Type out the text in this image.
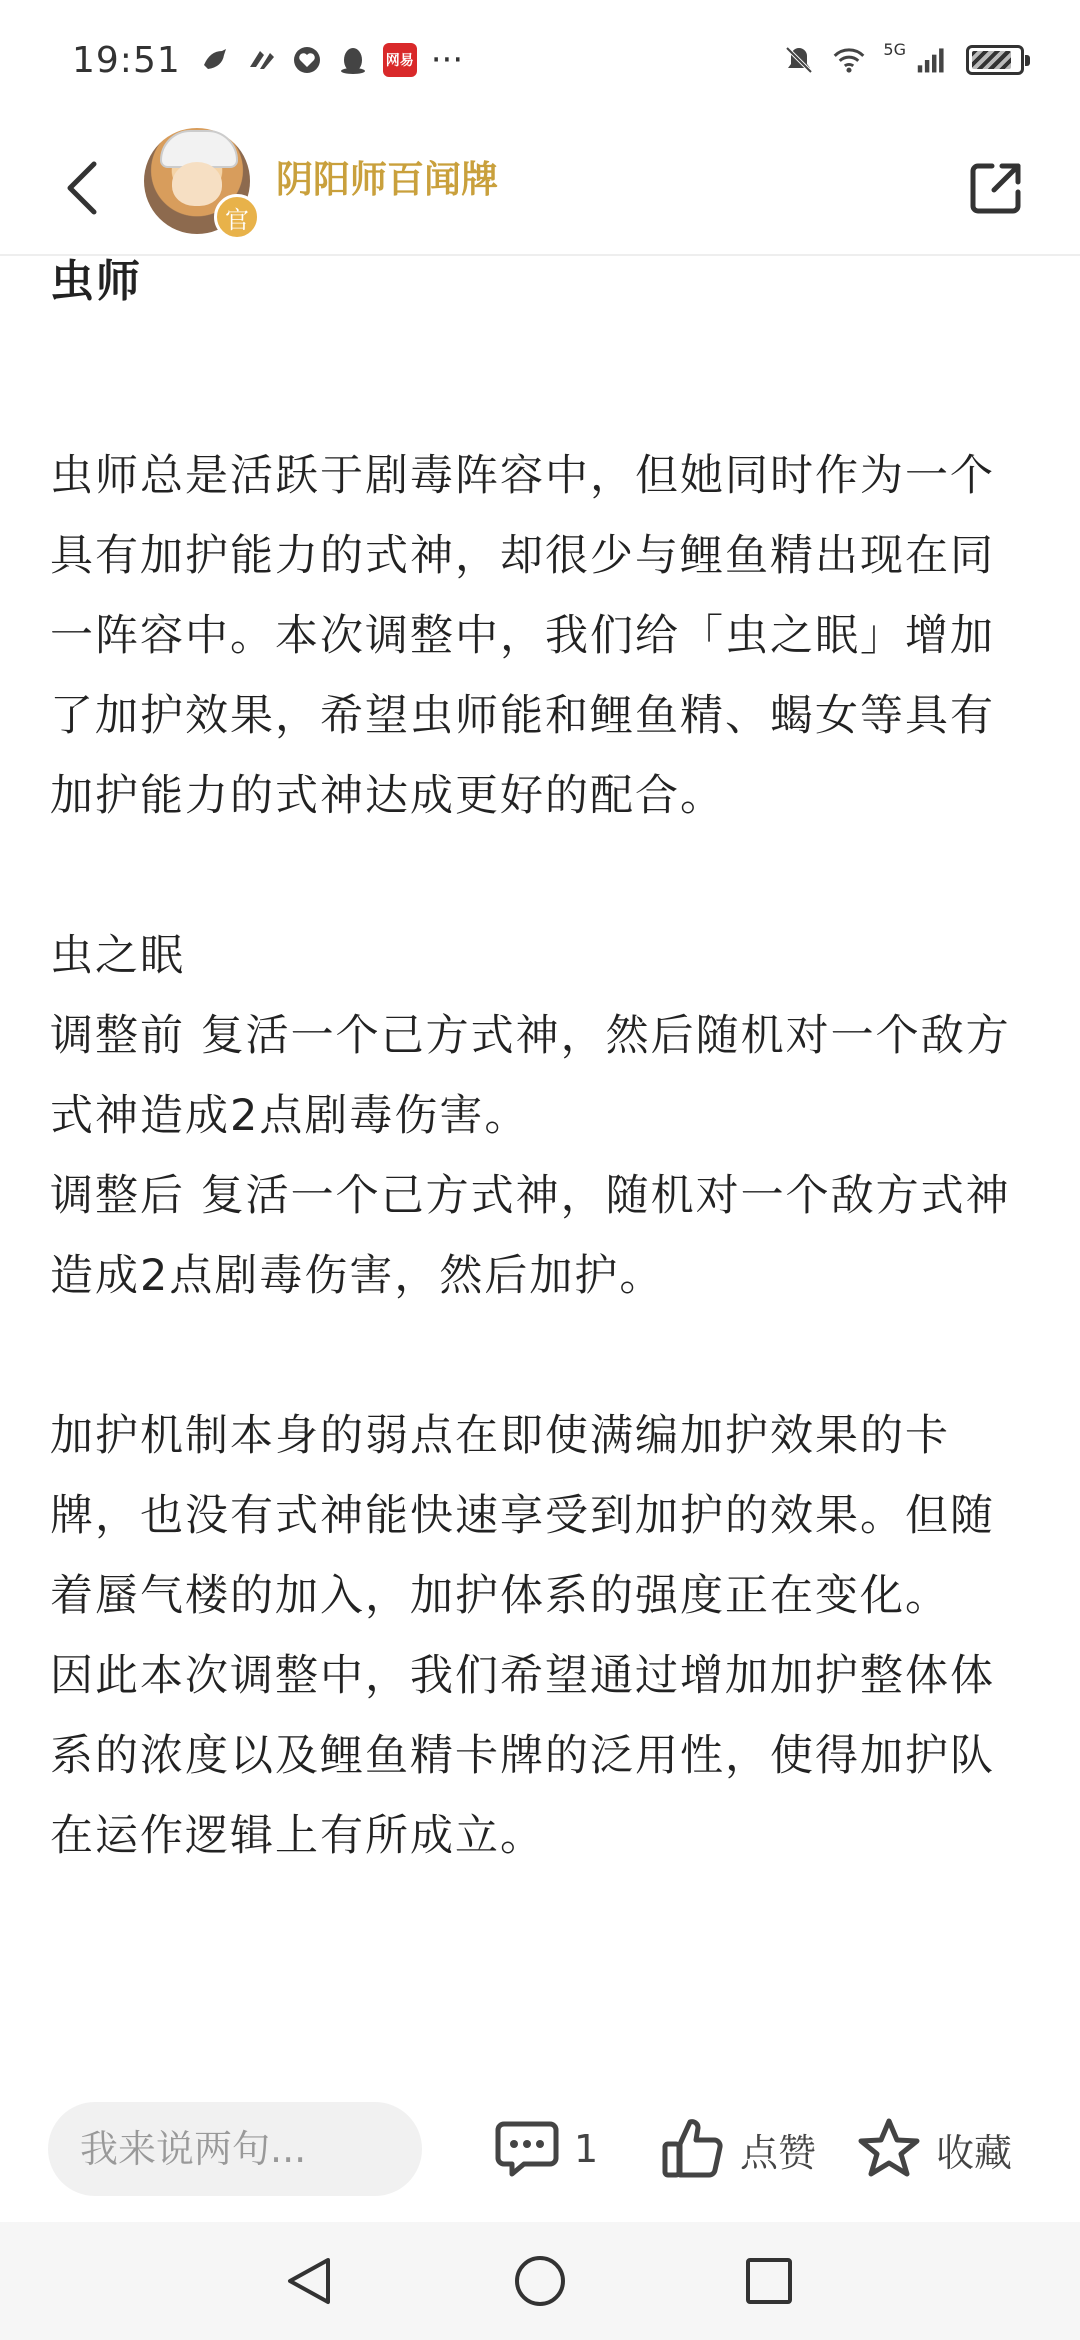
19:51	网易 ···	5G
官
阴阳师百闻牌
虫师

虫师总是活跃于剧毒阵容中，但她同时作为一个具有加护能力的式神，却很少与鲤鱼精出现在同一阵容中。本次调整中，我们给「虫之眠」增加了加护效果，希望虫师能和鲤鱼精、蝎女等具有加护能力的式神达成更好的配合。

虫之眠

调整前 复活一个己方式神，然后随机对一个敌方式神造成2点剧毒伤害。

调整后 复活一个己方式神，随机对一个敌方式神造成2点剧毒伤害，然后加护。

加护机制本身的弱点在即使满编加护效果的卡牌，也没有式神能快速享受到加护的效果。但随着蜃气楼的加入，加护体系的强度正在变化。

因此本次调整中，我们希望通过增加加护整体体系的浓度以及鲤鱼精卡牌的泛用性，使得加护队在运作逻辑上有所成立。

我来说两句...
1	点赞	收藏
